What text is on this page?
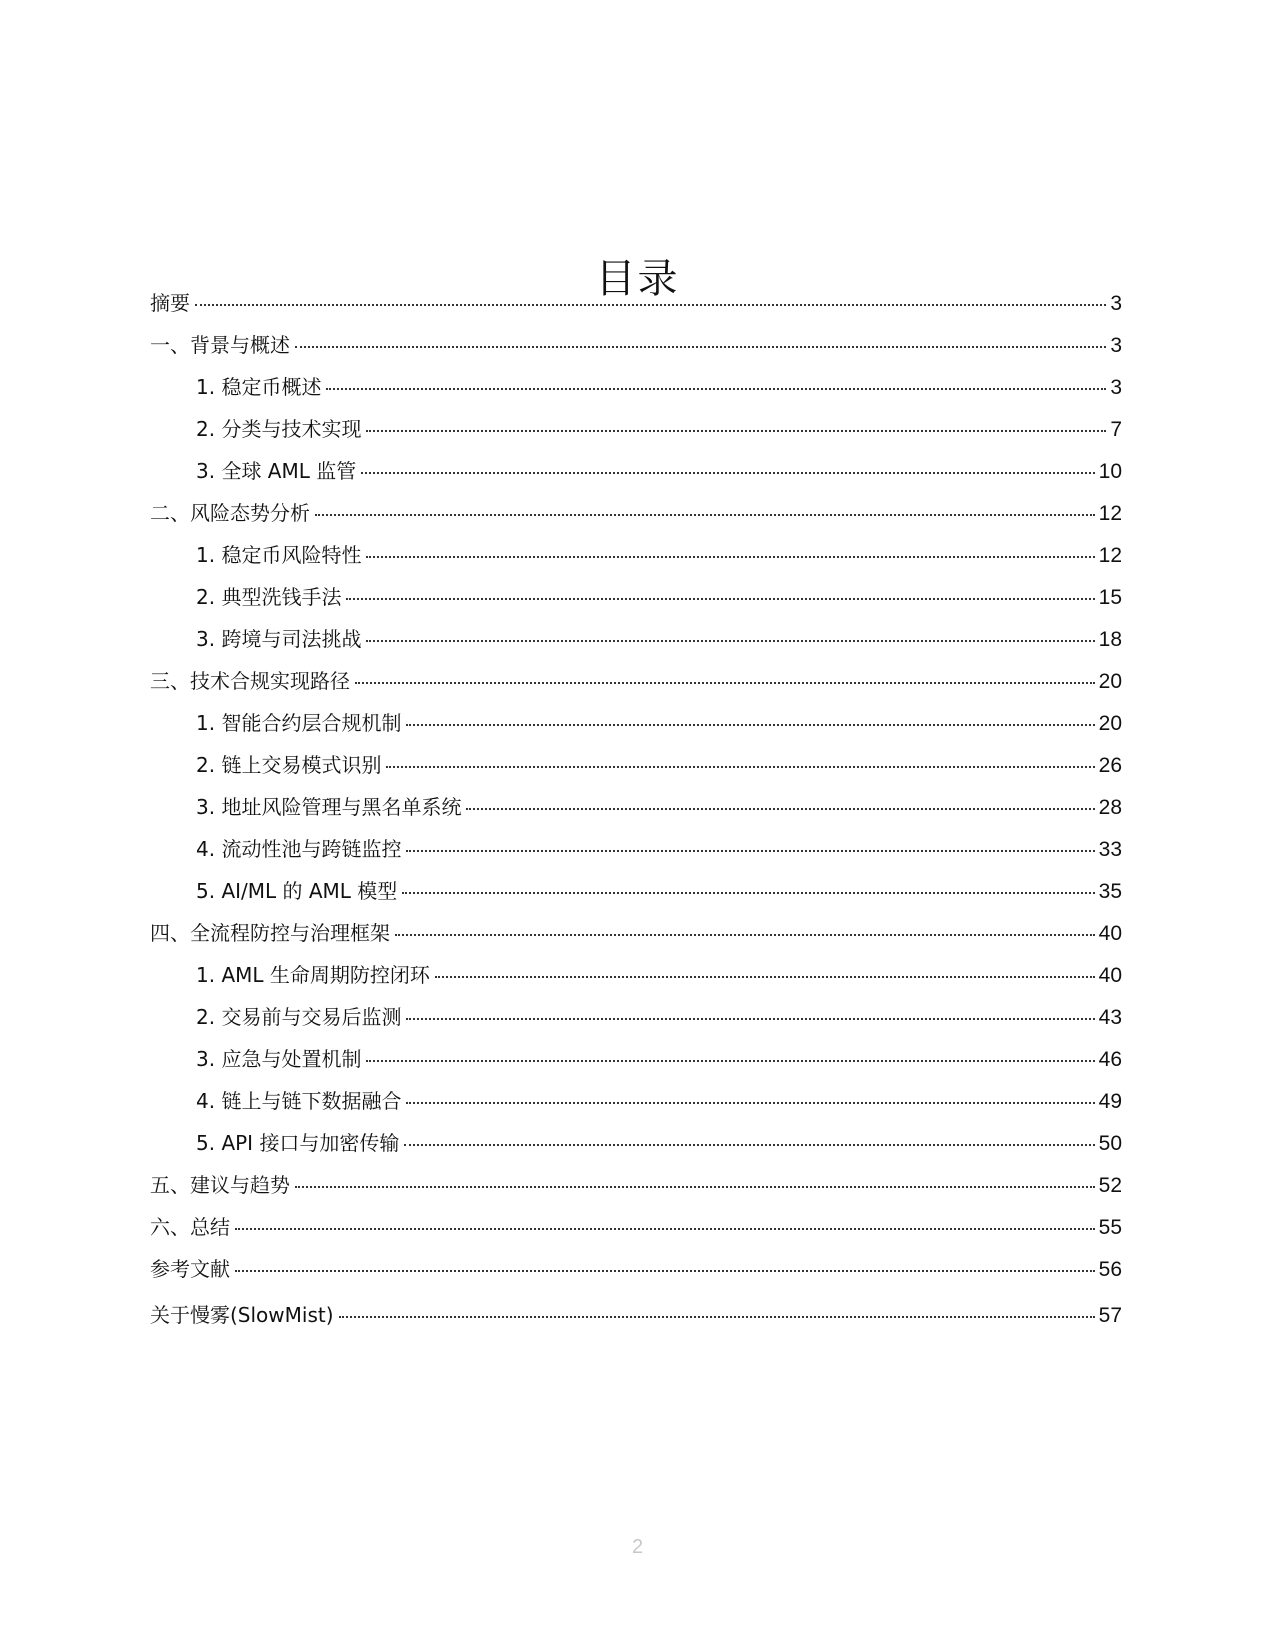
目录
摘要	3
一、背景与概述	3
1. 稳定币概述	3
2. 分类与技术实现	7
3. 全球 AML 监管	10
二、风险态势分析	12
1. 稳定币风险特性	12
2. 典型洗钱手法	15
3. 跨境与司法挑战	18
三、技术合规实现路径	20
1. 智能合约层合规机制	20
2. 链上交易模式识别	26
3. 地址风险管理与黑名单系统	28
4. 流动性池与跨链监控	33
5. AI/ML 的 AML 模型	35
四、全流程防控与治理框架	40
1. AML 生命周期防控闭环	40
2. 交易前与交易后监测	43
3. 应急与处置机制	46
4. 链上与链下数据融合	49
5. API 接口与加密传输	50
五、建议与趋势	52
六、总结	55
参考文献	56
关于慢雾(SlowMist)	57
2
